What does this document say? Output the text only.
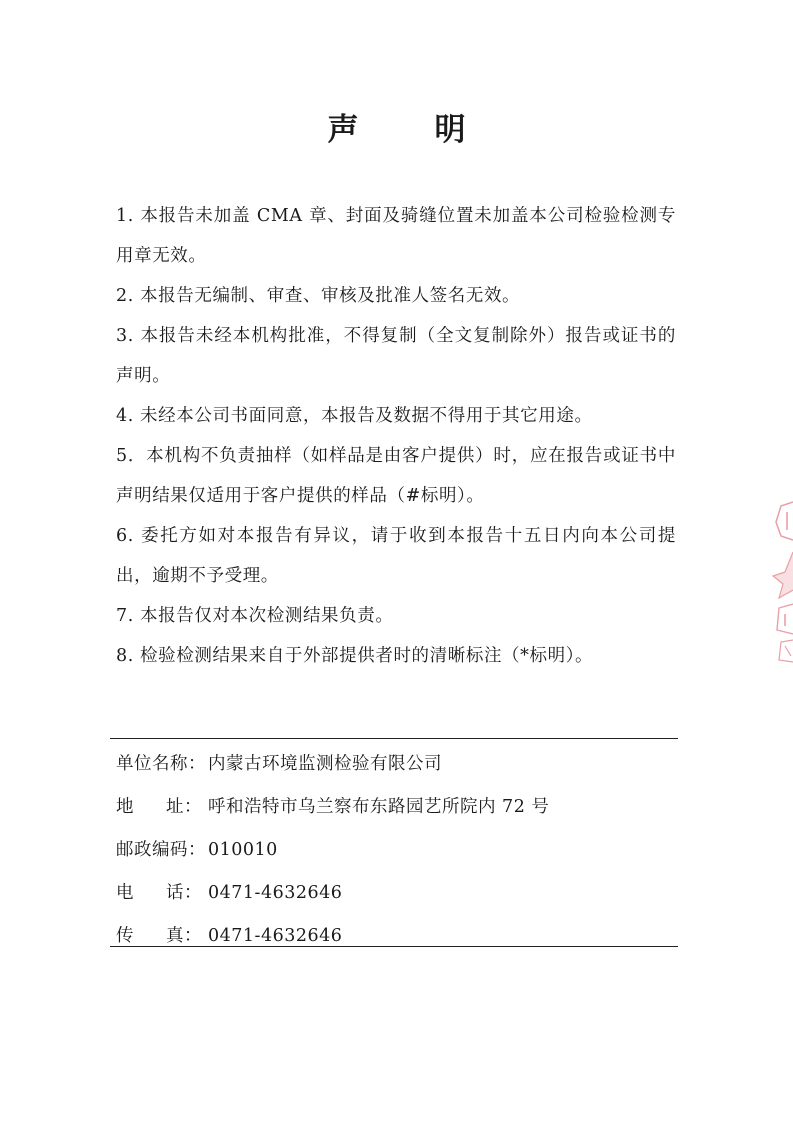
声 明

1. 本报告未加盖 CMA 章、封面及骑缝位置未加盖本公司检验检测专用章无效。

2. 本报告无编制、审查、审核及批准人签名无效。

3. 本报告未经本机构批准，不得复制（全文复制除外）报告或证书的声明。

4. 未经本公司书面同意，本报告及数据不得用于其它用途。

5．本机构不负责抽样（如样品是由客户提供）时，应在报告或证书中声明结果仅适用于客户提供的样品（#标明）。

6. 委托方如对本报告有异议，请于收到本报告十五日内向本公司提出，逾期不予受理。

7. 本报告仅对本次检测结果负责。

8. 检验检测结果来自于外部提供者时的清晰标注（*标明）。

单位名称： 内蒙古环境监测检验有限公司
地 址： 呼和浩特市乌兰察布东路园艺所院内 72 号
邮政编码： 010010
电 话： 0471-4632646
传 真： 0471-4632646
